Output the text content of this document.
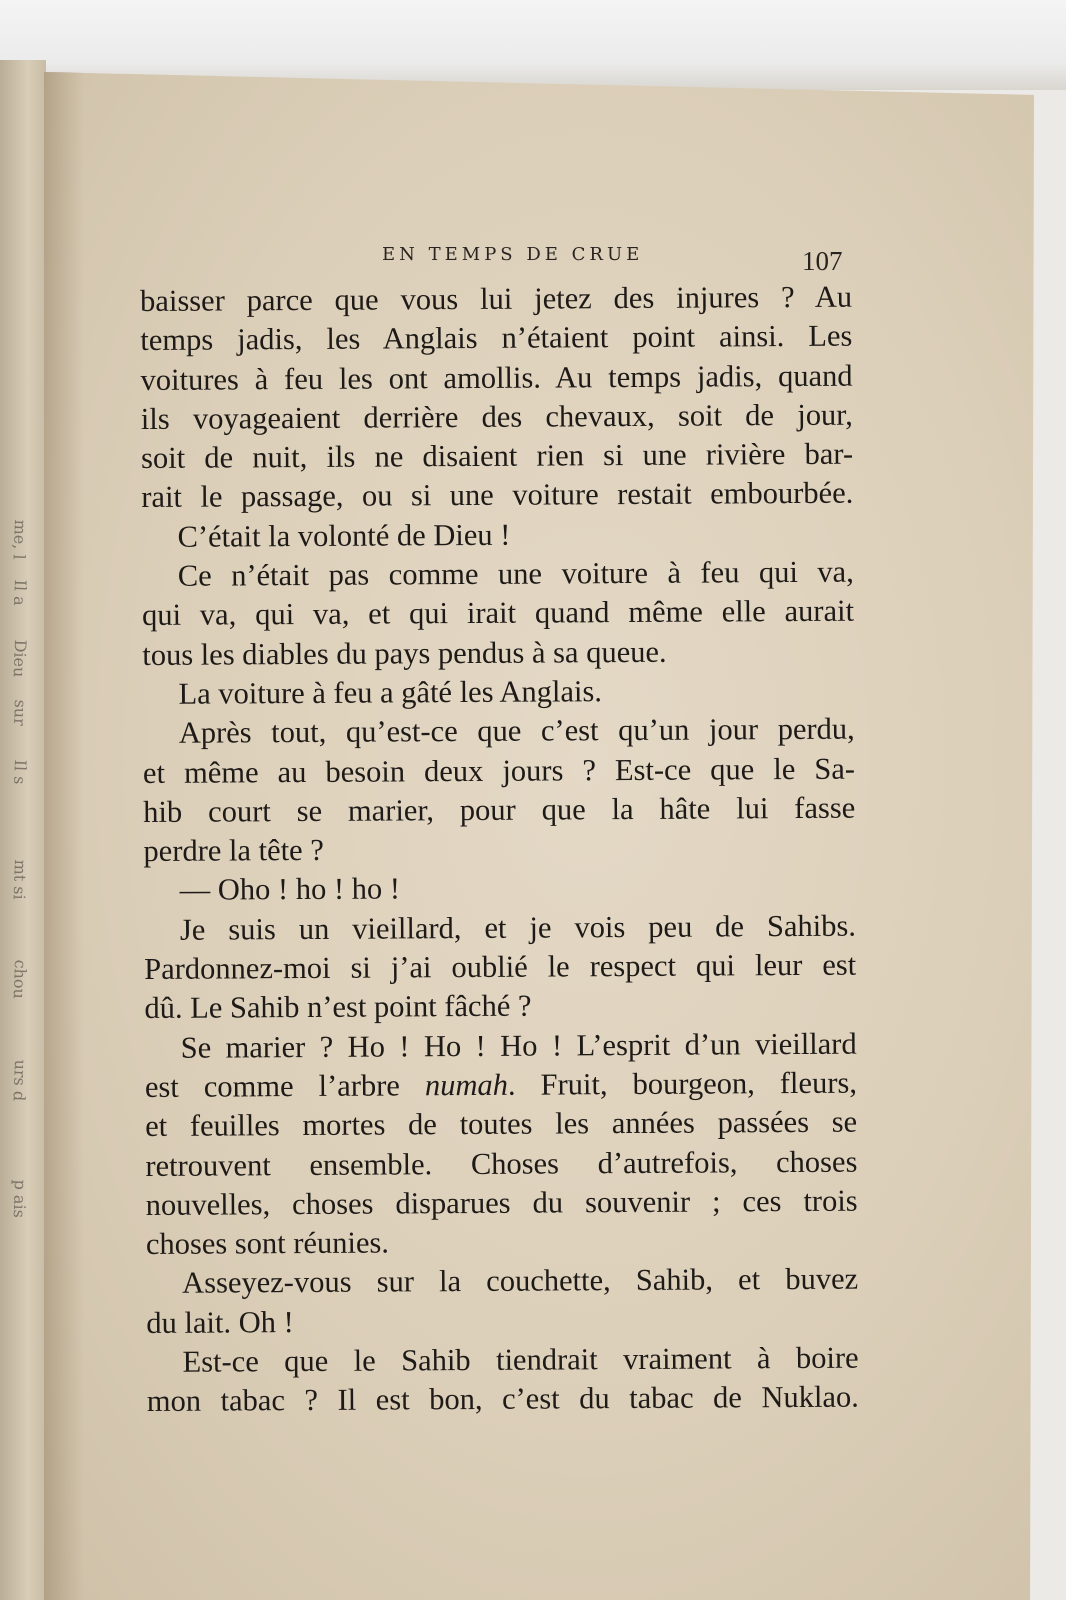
me, l
Il a
Dieu
sur
Il s
mt si
chou
urs d
p ais
EN TEMPS DE CRUE	107
baisser parce que vous lui jetez des injures ? Au
temps jadis, les Anglais n’étaient point ainsi. Les
voitures à feu les ont amollis. Au temps jadis, quand
ils voyageaient derrière des chevaux, soit de jour,
soit de nuit, ils ne disaient rien si une rivière bar-
rait le passage, ou si une voiture restait embourbée.
C’était la volonté de Dieu !
Ce n’était pas comme une voiture à feu qui va,
qui va, qui va, et qui irait quand même elle aurait
tous les diables du pays pendus à sa queue.
La voiture à feu a gâté les Anglais.
Après tout, qu’est-ce que c’est qu’un jour perdu,
et même au besoin deux jours ? Est-ce que le Sa-
hib court se marier, pour que la hâte lui fasse
perdre la tête ?
— Oho ! ho ! ho !
Je suis un vieillard, et je vois peu de Sahibs.
Pardonnez-moi si j’ai oublié le respect qui leur est
dû. Le Sahib n’est point fâché ?
Se marier ? Ho ! Ho ! Ho ! L’esprit d’un vieillard
est comme l’arbre numah. Fruit, bourgeon, fleurs,
et feuilles mortes de toutes les années passées se
retrouvent ensemble. Choses d’autrefois, choses
nouvelles, choses disparues du souvenir ; ces trois
choses sont réunies.
Asseyez-vous sur la couchette, Sahib, et buvez
du lait. Oh !
Est-ce que le Sahib tiendrait vraiment à boire
mon tabac ? Il est bon, c’est du tabac de Nuklao.
